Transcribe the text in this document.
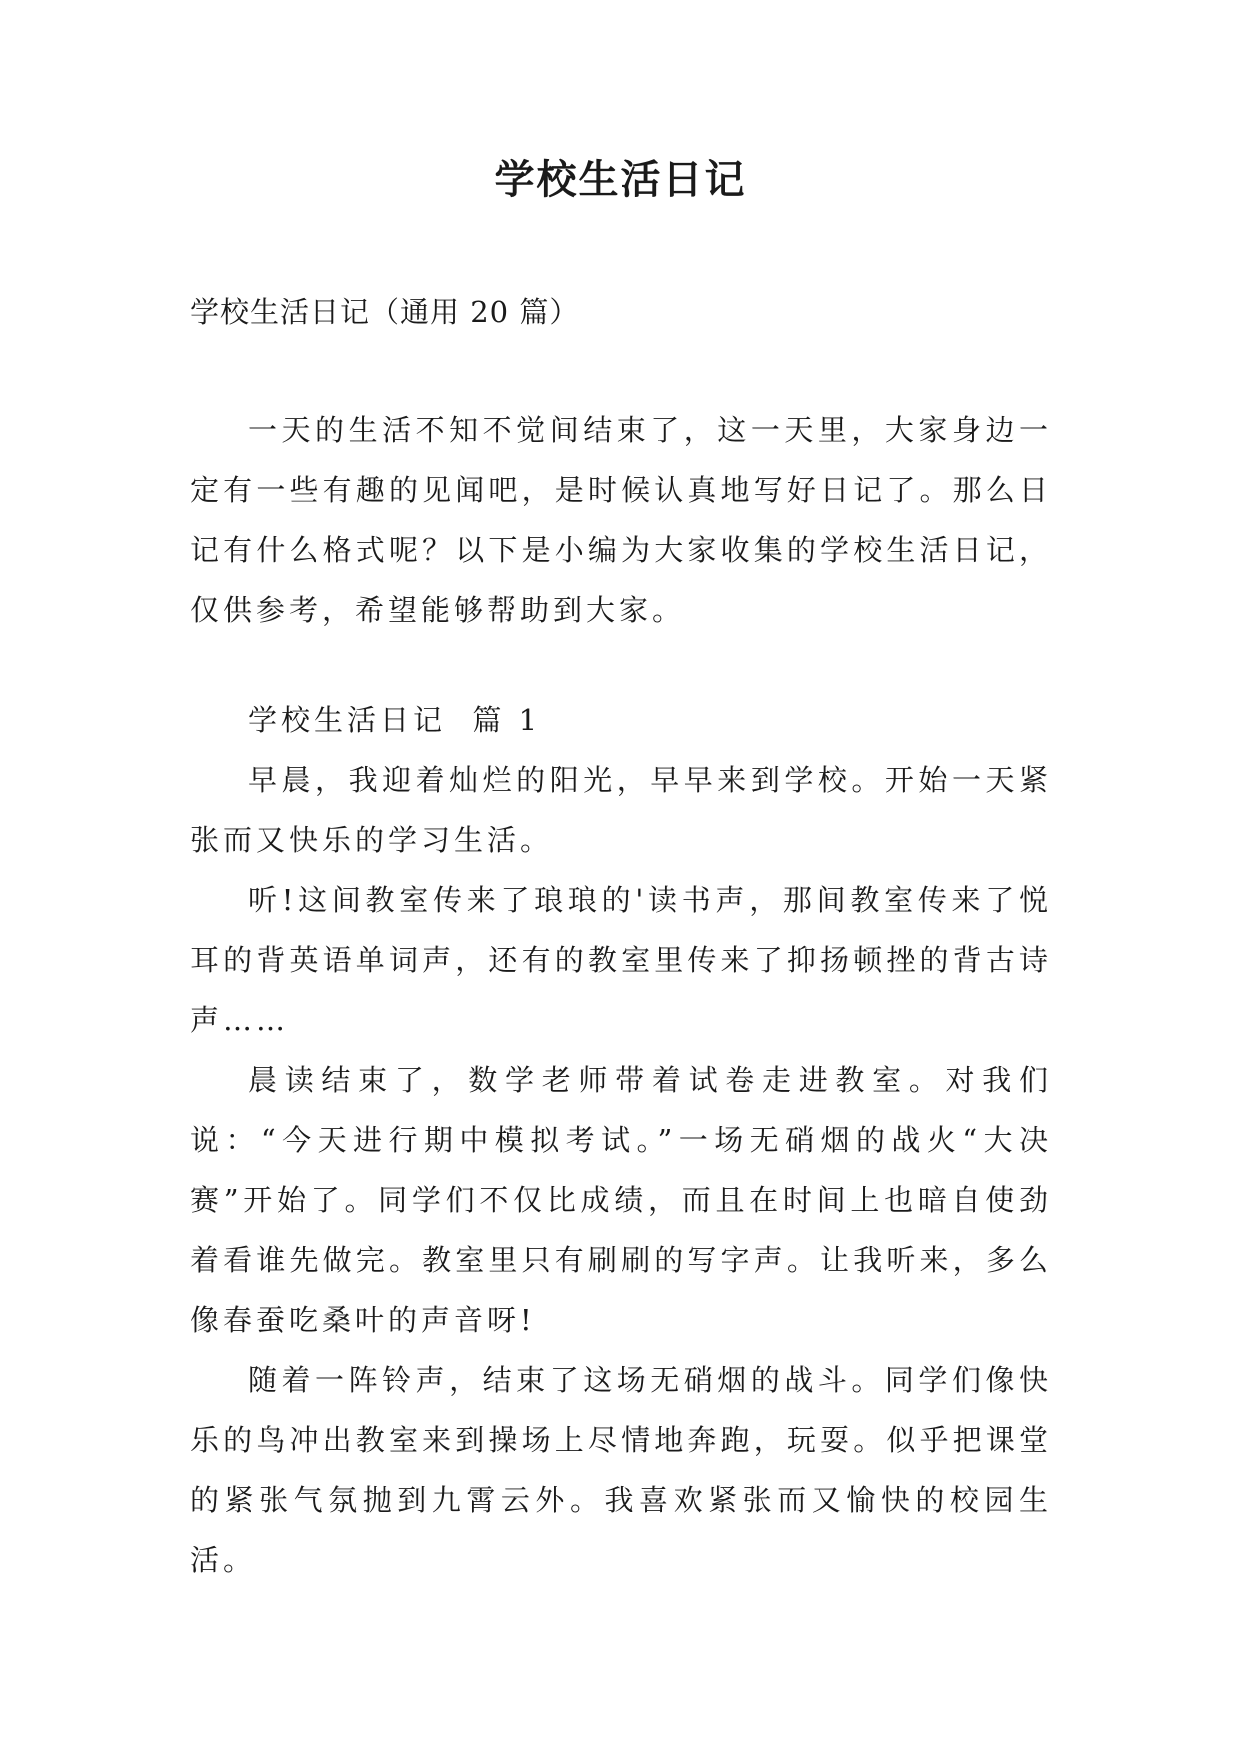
学校生活日记
学校生活日记（通用 20 篇）

一天的生活不知不觉间结束了，这一天里，大家身边一定有一些有趣的见闻吧，是时候认真地写好日记了。那么日记有什么格式呢？以下是小编为大家收集的学校生活日记，仅供参考，希望能够帮助到大家。

学校生活日记  篇 1

早晨，我迎着灿烂的阳光，早早来到学校。开始一天紧张而又快乐的学习生活。

听!这间教室传来了琅琅的'读书声，那间教室传来了悦耳的背英语单词声，还有的教室里传来了抑扬顿挫的背古诗声……

晨读结束了，数学老师带着试卷走进教室。对我们说：“今天进行期中模拟考试。”一场无硝烟的战火“大决赛”开始了。同学们不仅比成绩，而且在时间上也暗自使劲着看谁先做完。教室里只有刷刷的写字声。让我听来，多么像春蚕吃桑叶的声音呀!

随着一阵铃声，结束了这场无硝烟的战斗。同学们像快乐的鸟冲出教室来到操场上尽情地奔跑，玩耍。似乎把课堂的紧张气氛抛到九霄云外。我喜欢紧张而又愉快的校园生活。
